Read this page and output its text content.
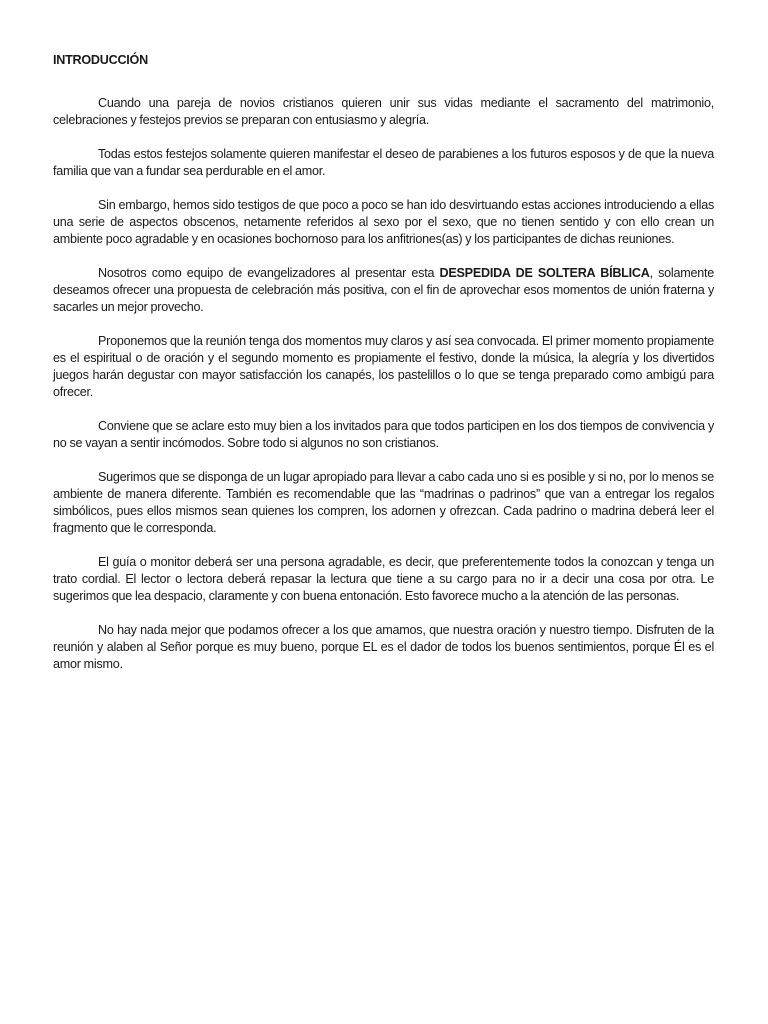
INTRODUCCIÓN

Cuando una pareja de novios cristianos quieren unir sus vidas mediante el sacramento del matrimonio, celebraciones y festejos previos se preparan con entusiasmo y alegría.

Todas estos festejos solamente quieren manifestar el deseo de parabienes a los futuros esposos y de que la nueva familia que van a fundar sea perdurable en el amor.

Sin embargo, hemos sido testigos de que poco a poco se han ido desvirtuando estas acciones introduciendo a ellas una serie de aspectos obscenos, netamente referidos al sexo por el sexo, que no tienen sentido y con ello crean un ambiente poco agradable y en ocasiones bochornoso para los anfitriones(as) y los participantes de dichas reuniones.

Nosotros como equipo de evangelizadores al presentar esta DESPEDIDA DE SOLTERA BÍBLICA, solamente deseamos ofrecer una propuesta de celebración más positiva, con el fin de aprovechar esos momentos de unión fraterna y sacarles un mejor provecho.

Proponemos que la reunión tenga dos momentos muy claros y así sea convocada. El primer momento propiamente es el espiritual o de oración y el segundo momento es propiamente el festivo, donde la música, la alegría y los divertidos juegos harán degustar con mayor satisfacción los canapés, los pastelillos o lo que se tenga preparado como ambigú para ofrecer.

Conviene que se aclare esto muy bien a los invitados para que todos participen en los dos tiempos de convivencia y no se vayan a sentir incómodos. Sobre todo si algunos no son cristianos.

Sugerimos que se disponga de un lugar apropiado para llevar a cabo cada uno si es posible y si no, por lo menos se ambiente de manera diferente. También es recomendable que las “madrinas o padrinos” que van a entregar los regalos simbólicos, pues ellos mismos sean quienes los compren, los adornen y ofrezcan. Cada padrino o madrina deberá leer el fragmento que le corresponda.

El guía o monitor deberá ser una persona agradable, es decir, que preferentemente todos la conozcan y tenga un trato cordial. El lector o lectora deberá repasar la lectura que tiene a su cargo para no ir a decir una cosa por otra. Le sugerimos que lea despacio, claramente y con buena entonación. Esto favorece mucho a la atención de las personas.

No hay nada mejor que podamos ofrecer a los que amamos, que nuestra oración y nuestro tiempo. Disfruten de la reunión y alaben al Señor porque es muy bueno, porque EL es el dador de todos los buenos sentimientos, porque Él es el amor mismo.
